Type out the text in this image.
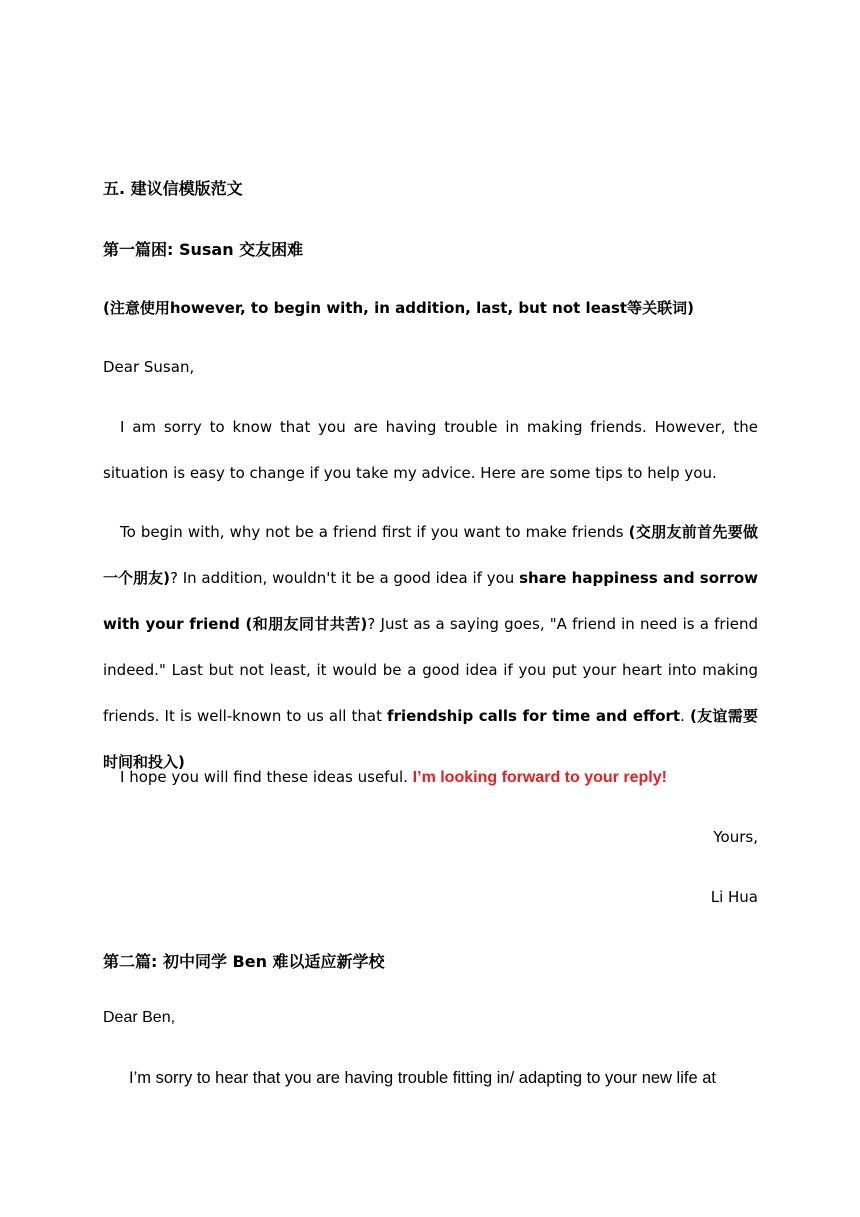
五. 建议信模版范文
第一篇困: Susan 交友困难
(注意使用however, to begin with, in addition, last, but not least等关联词)
Dear Susan,
I am sorry to know that you are having trouble in making friends. However, the situation is easy to change if you take my advice. Here are some tips to help you.
To begin with, why not be a friend first if you want to make friends (交朋友前首先要做一个朋友)? In addition, wouldn't it be a good idea if you share happiness and sorrow with your friend (和朋友同甘共苦)? Just as a saying goes, "A friend in need is a friend indeed." Last but not least, it would be a good idea if you put your heart into making friends. It is well-known to us all that friendship calls for time and effort. (友谊需要时间和投入)
I hope you will find these ideas useful. I’m looking forward to your reply!
Yours,
Li Hua
第二篇: 初中同学 Ben 难以适应新学校
Dear Ben,
I’m sorry to hear that you are having trouble fitting in/ adapting to your new life at
